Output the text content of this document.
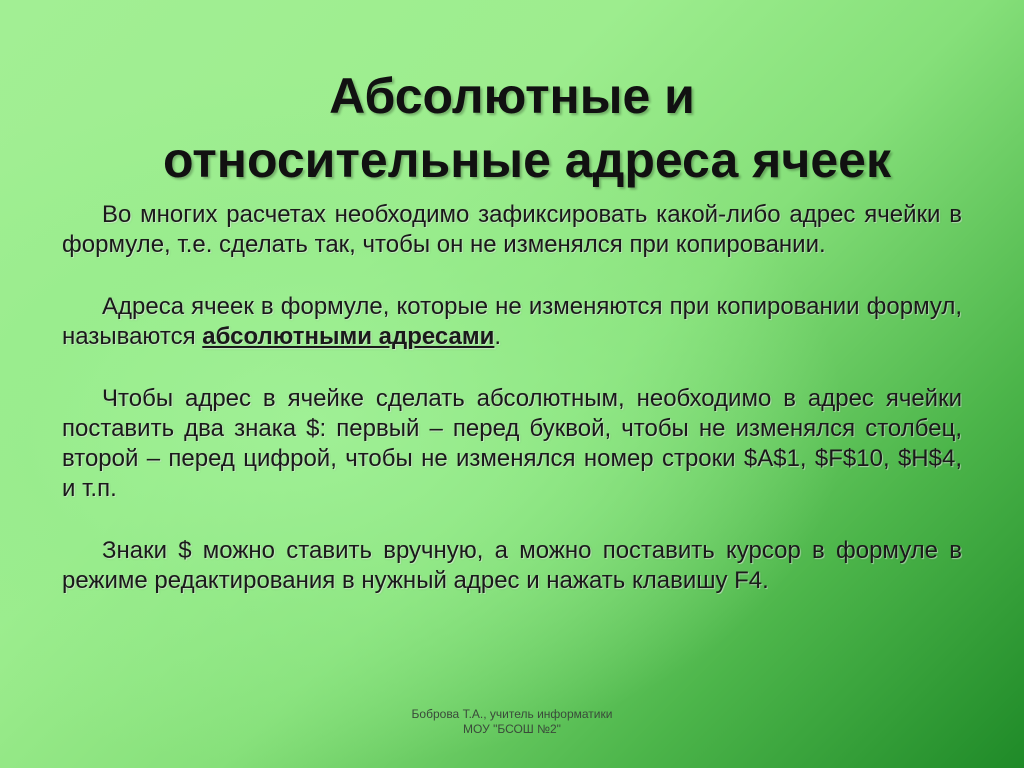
Абсолютные и
относительные адреса ячеек

Во многих расчетах необходимо зафиксировать какой-либо адрес ячейки в формуле, т.е. сделать так, чтобы он не изменялся при копировании.

Адреса ячеек в формуле, которые не изменяются при копировании формул, называются абсолютными адресами.

Чтобы адрес в ячейке сделать абсолютным, необходимо в адрес ячейки поставить два знака $: первый – перед буквой, чтобы не изменялся столбец, второй – перед цифрой, чтобы не изменялся номер строки $A$1, $F$10, $H$4, и т.п.

Знаки $ можно ставить вручную, а можно поставить курсор в формуле в режиме редактирования в нужный адрес и нажать клавишу F4.

Боброва Т.А., учитель информатики
МОУ "БСОШ №2"
